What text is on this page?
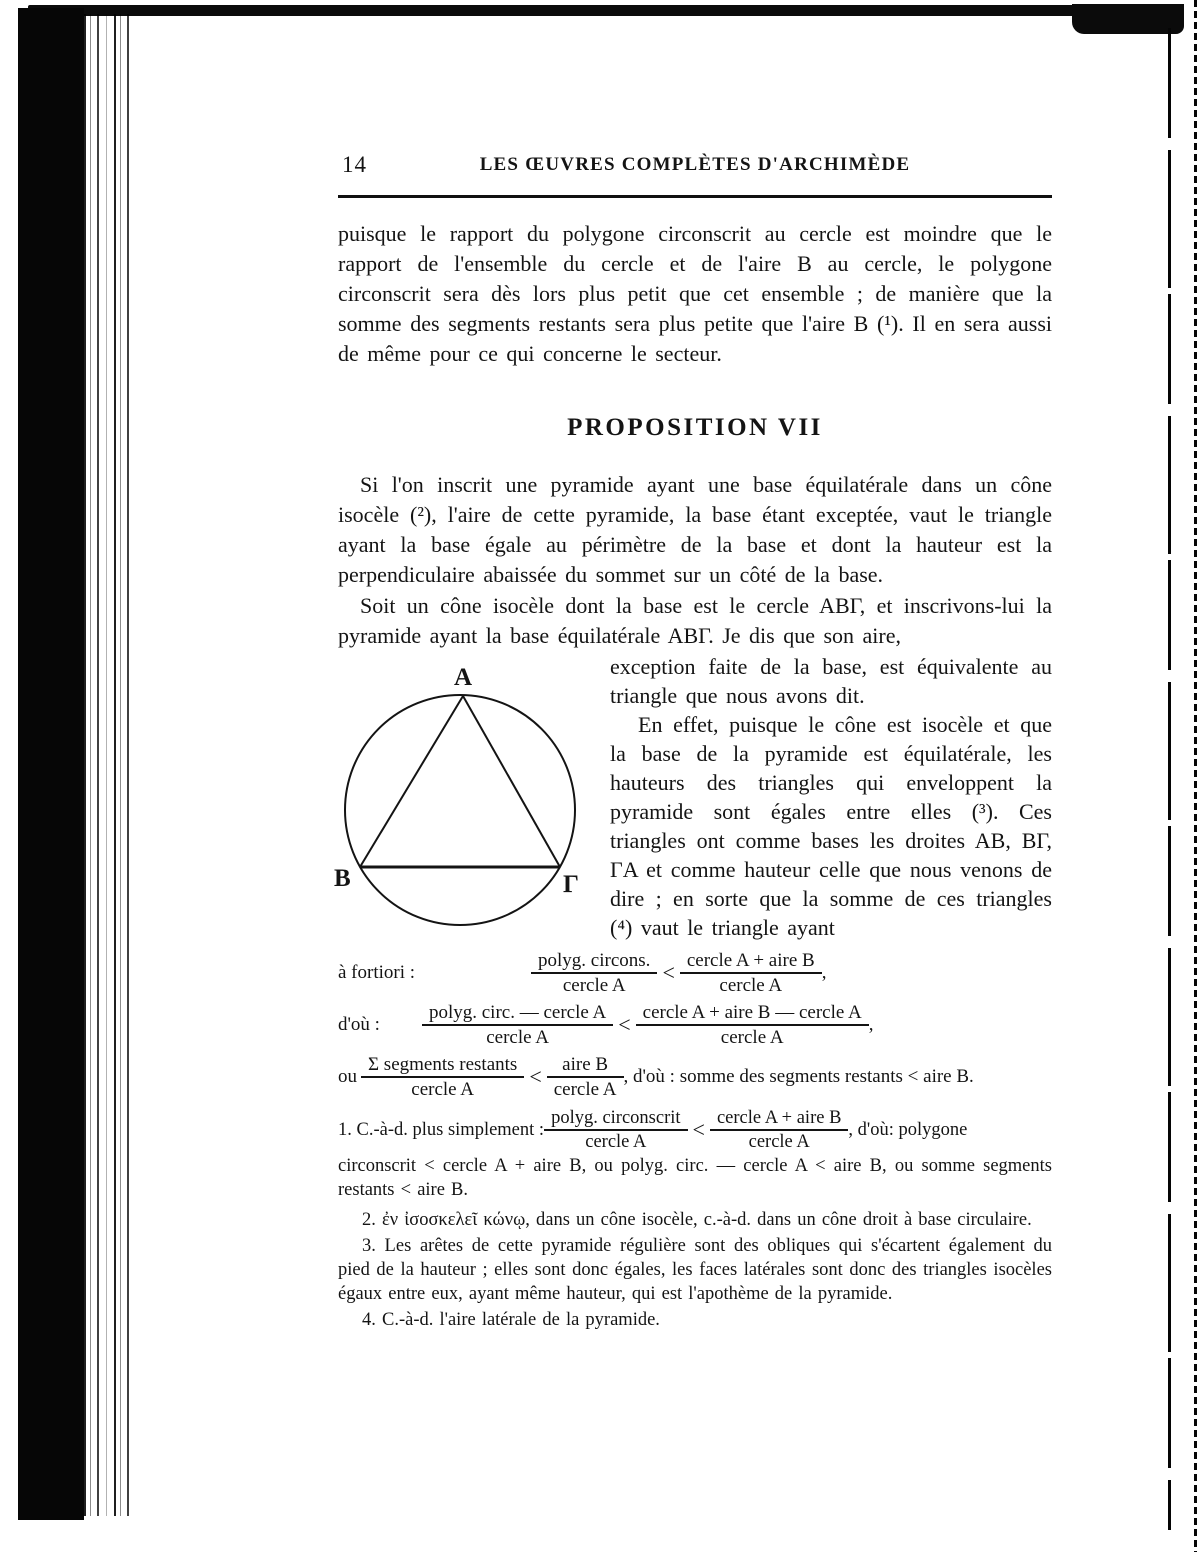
14	LES ŒUVRES COMPLÈTES D'ARCHIMÈDE

puisque le rapport du polygone circonscrit au cercle est moindre que le rapport de l'ensemble du cercle et de l'aire B au cercle, le polygone circonscrit sera dès lors plus petit que cet ensemble ; de manière que la somme des segments restants sera plus petite que l'aire B (¹). Il en sera aussi de même pour ce qui concerne le secteur.

PROPOSITION VII

Si l'on inscrit une pyramide ayant une base équilatérale dans un cône isocèle (²), l'aire de cette pyramide, la base étant exceptée, vaut le triangle ayant la base égale au périmètre de la base et dont la hauteur est la perpendiculaire abaissée du sommet sur un côté de la base.

Soit un cône isocèle dont la base est le cercle ABΓ, et inscrivons-lui la pyramide ayant la base équilatérale ABΓ. Je dis que son aire,

A
B	Γ

exception faite de la base, est équivalente au triangle que nous avons dit.

En effet, puisque le cône est isocèle et que la base de la pyramide est équilatérale, les hauteurs des triangles qui enveloppent la pyramide sont égales entre elles (³). Ces triangles ont comme bases les droites AB, BΓ, ΓA et comme hauteur celle que nous venons de dire ; en sorte que la somme de ces triangles (⁴) vaut le triangle ayant

à fortiori :	$\frac{\text{polyg. circons.}}{\text{cercle A}} < \frac{\text{cercle A + aire B}}{\text{cercle A}}$ ,
d'où : $\frac{\text{polyg. circ. — cercle A}}{\text{cercle A}} < \frac{\text{cercle A + aire B — cercle A}}{\text{cercle A}}$ ,
ou $\frac{\text{Σ segments restants}}{\text{cercle A}} < \frac{\text{aire B}}{\text{cercle A}}$ , d'où : somme des segments restants < aire B.
1. C.-à-d. plus simplement : $\frac{\text{polyg. circonscrit}}{\text{cercle A}} < \frac{\text{cercle A + aire B}}{\text{cercle A}}$ , d'où: polygone

circonscrit < cercle A + aire B, ou polyg. circ. — cercle A < aire B, ou somme segments restants < aire B.

2. ἐν ἰσοσκελεῖ κώνῳ, dans un cône isocèle, c.-à-d. dans un cône droit à base circulaire.

3. Les arêtes de cette pyramide régulière sont des obliques qui s'écartent également du pied de la hauteur ; elles sont donc égales, les faces latérales sont donc des triangles isocèles égaux entre eux, ayant même hauteur, qui est l'apothème de la pyramide.

4. C.-à-d. l'aire latérale de la pyramide.
